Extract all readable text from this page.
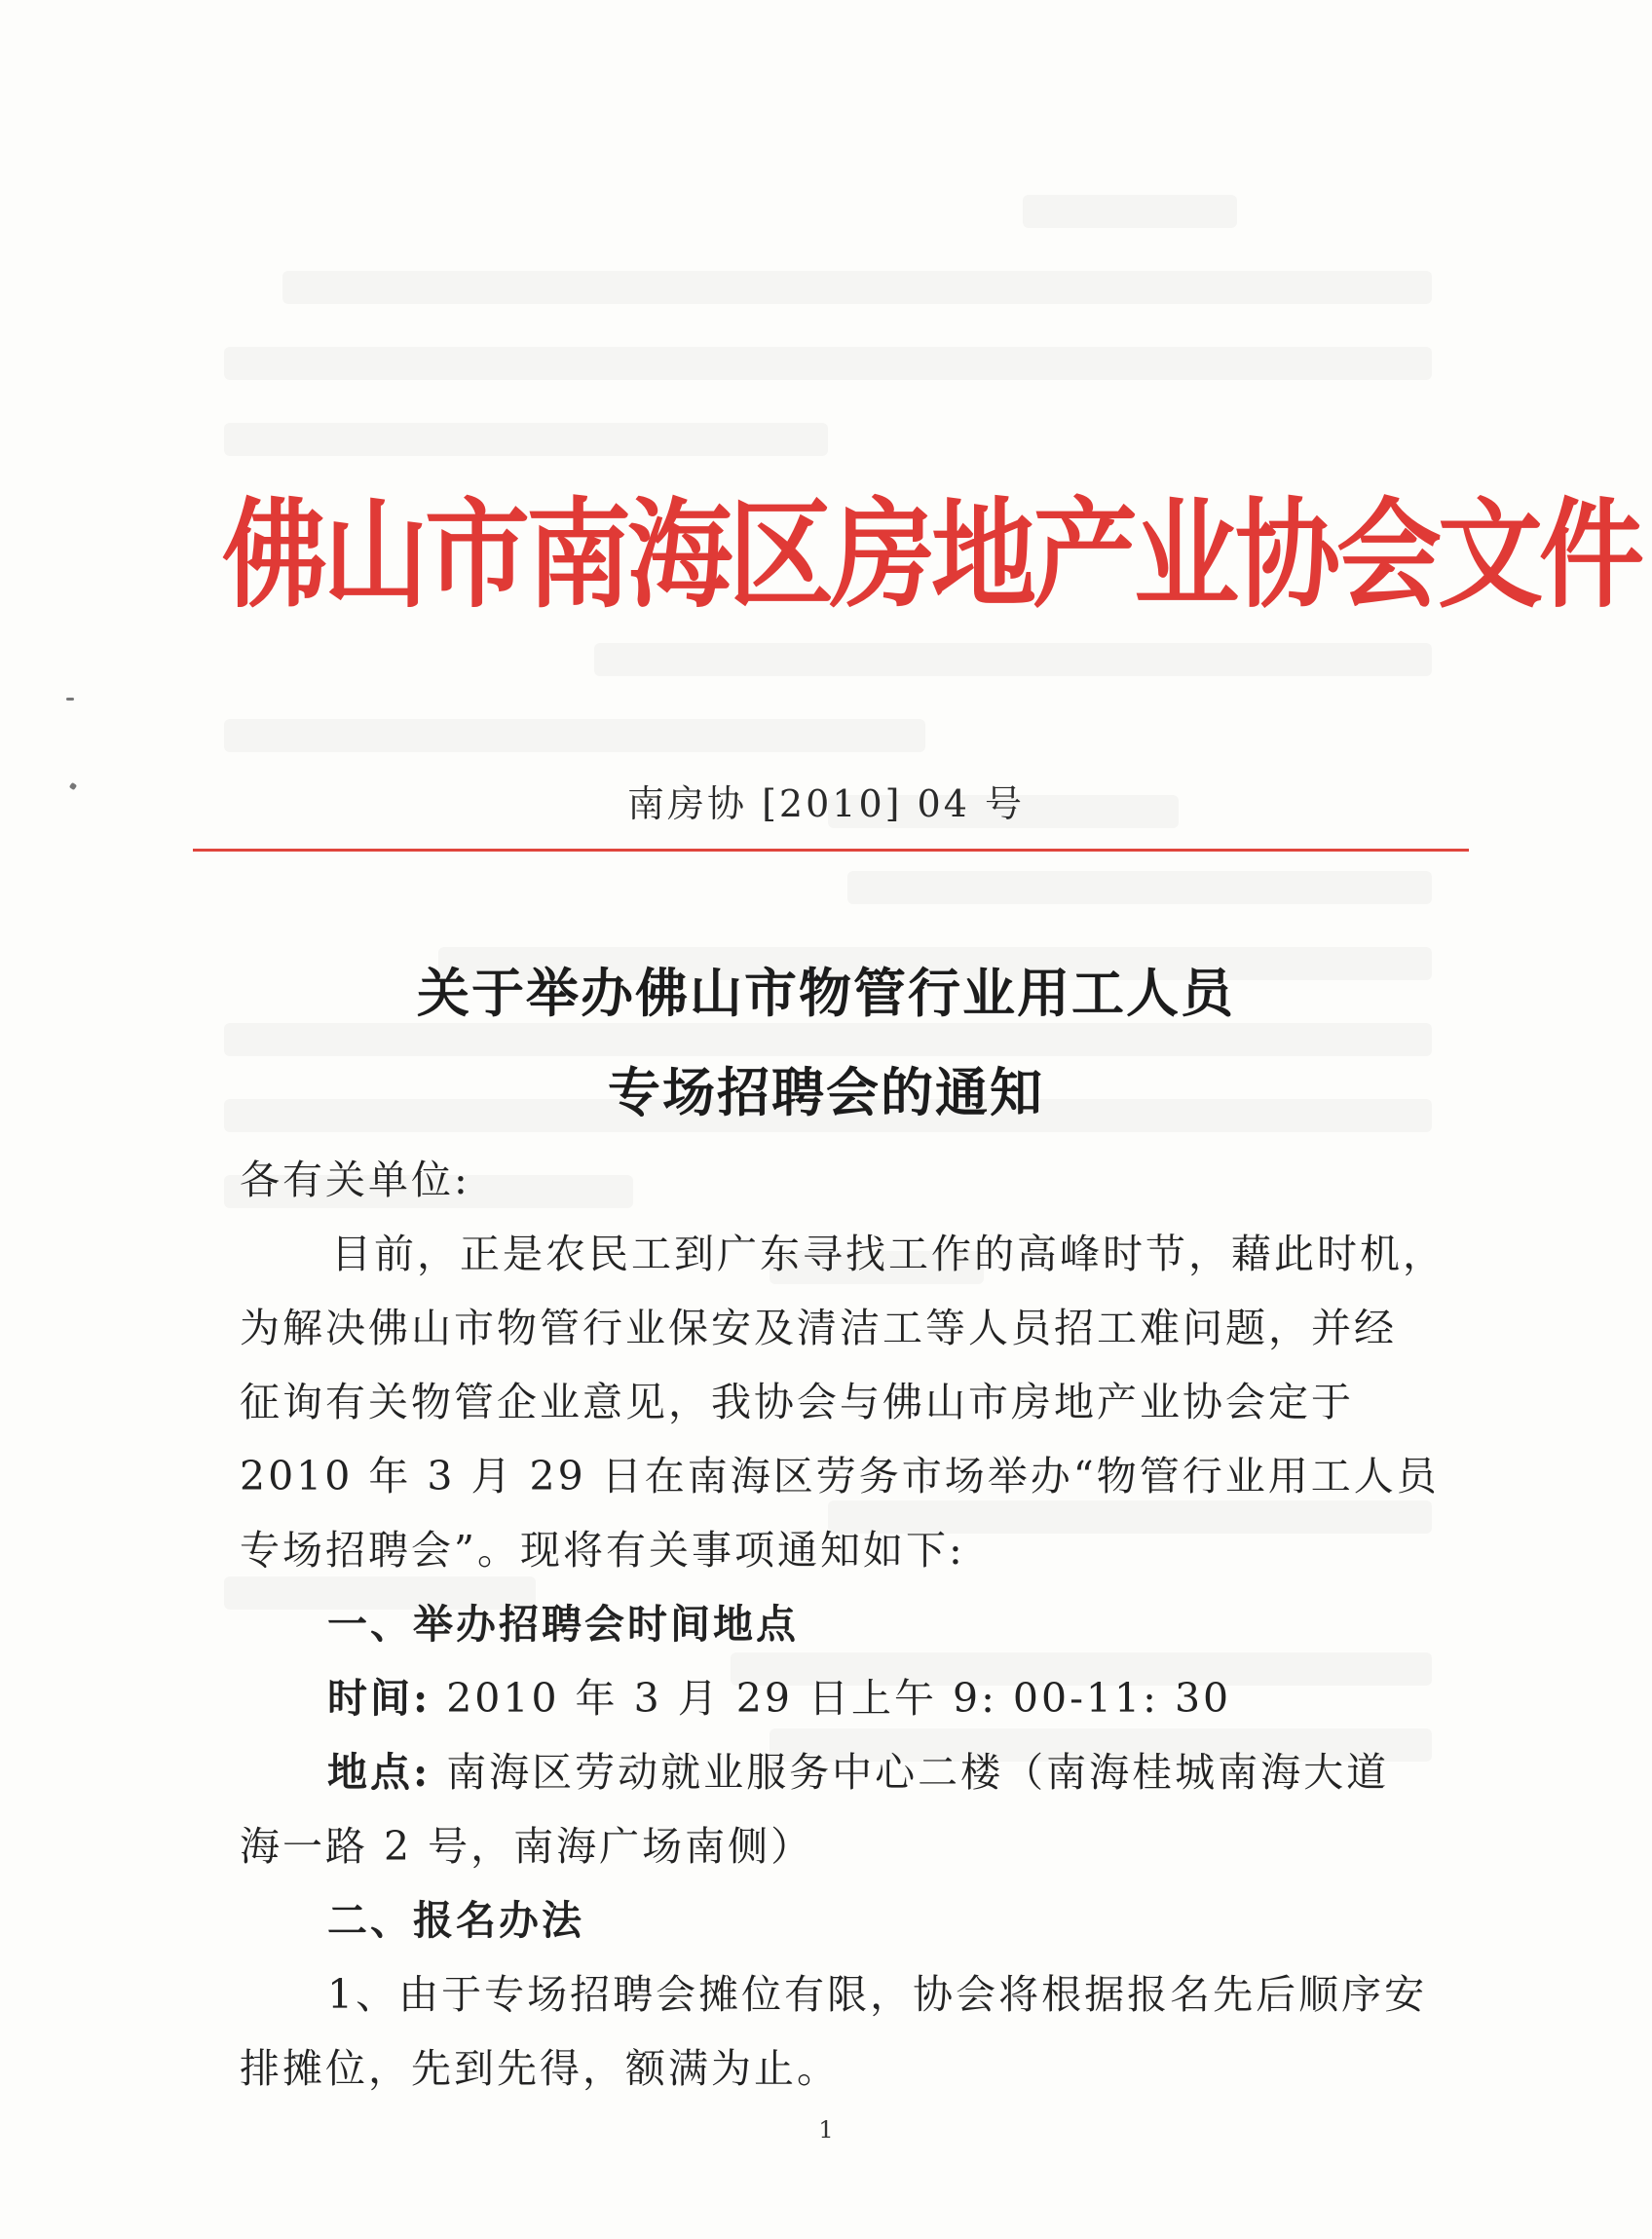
佛山市南海区房地产业协会文件
南房协 [2010] 04 号
关于举办佛山市物管行业用工人员
专场招聘会的通知
各有关单位:
目前，正是农民工到广东寻找工作的高峰时节，藉此时机，
为解决佛山市物管行业保安及清洁工等人员招工难问题，并经
征询有关物管企业意见，我协会与佛山市房地产业协会定于
2010 年 3 月 29 日在南海区劳务市场举办“物管行业用工人员
专场招聘会”。现将有关事项通知如下:
一、举办招聘会时间地点
时间: 2010 年 3 月 29 日上午 9: 00-11: 30
地点: 南海区劳动就业服务中心二楼（南海桂城南海大道
海一路 2 号，南海广场南侧）
二、报名办法
1、由于专场招聘会摊位有限，协会将根据报名先后顺序安
排摊位，先到先得，额满为止。
1
